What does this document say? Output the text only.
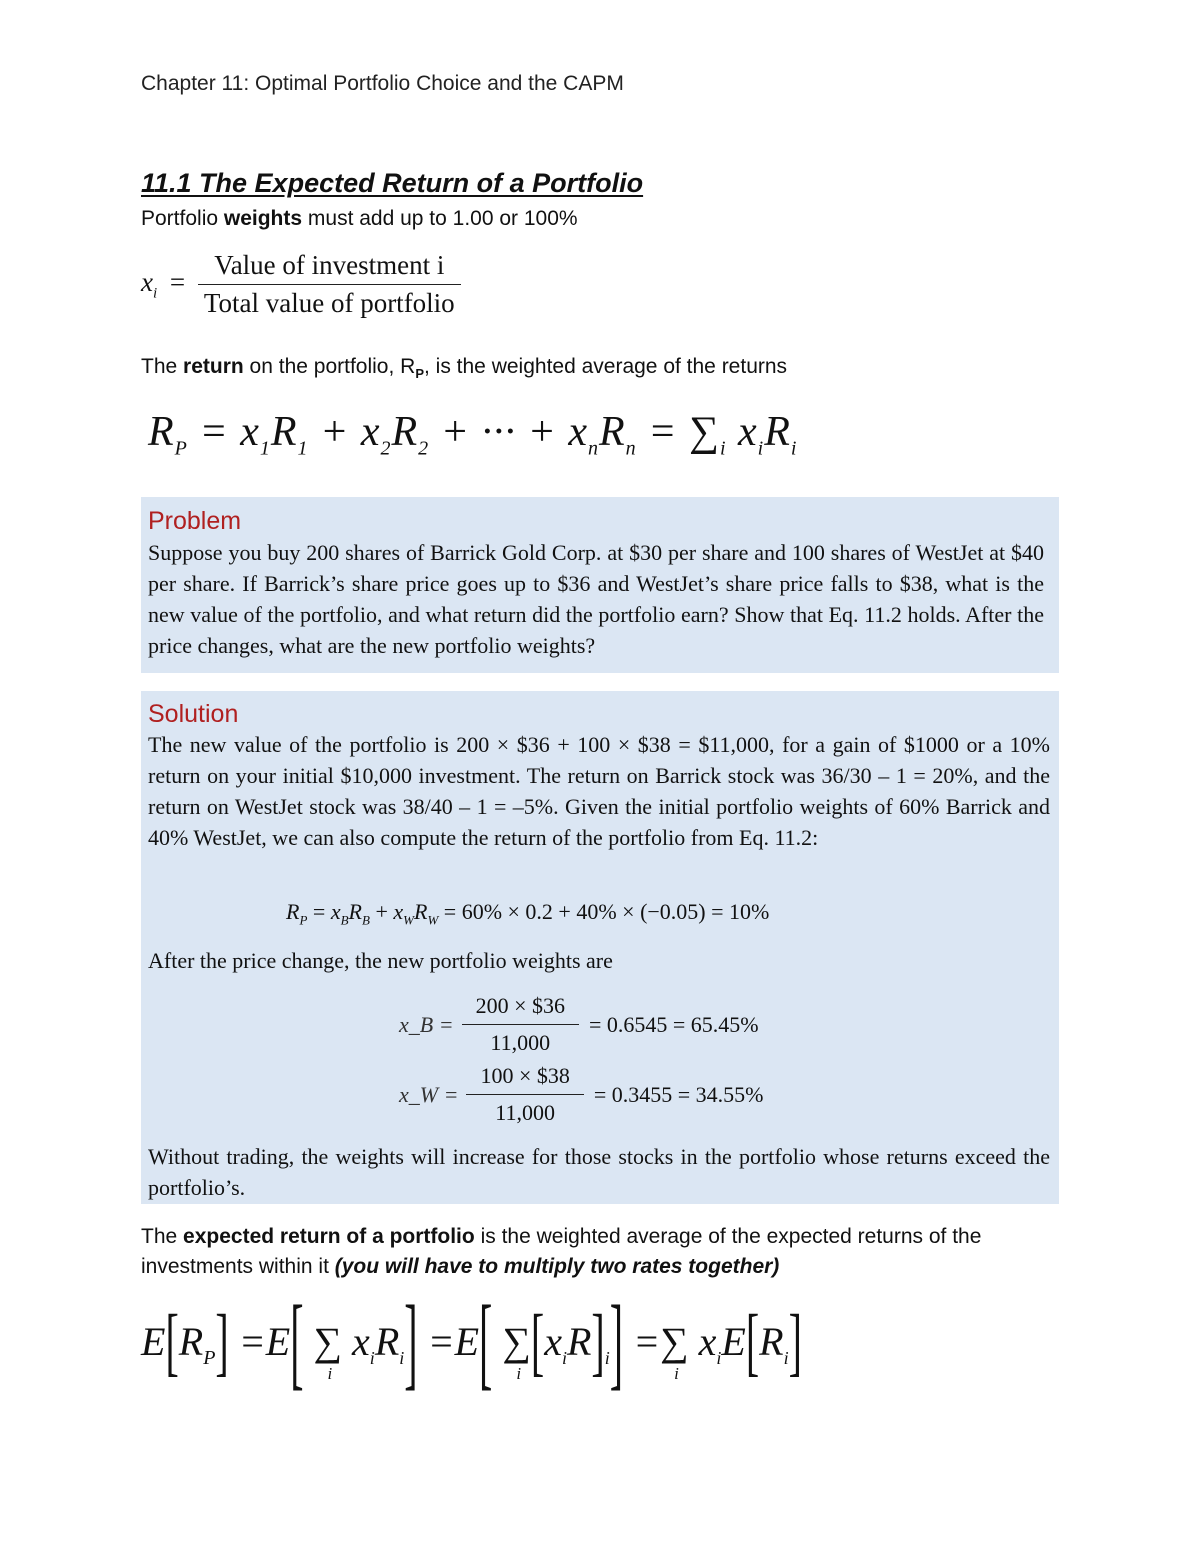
Chapter 11: Optimal Portfolio Choice and the CAPM
11.1 The Expected Return of a Portfolio
Portfolio weights must add up to 1.00 or 100%
$x_i = \frac{\text{Value of investment i}}{\text{Total value of portfolio}}$
The return on the portfolio, $R_P$, is the weighted average of the returns
$R_P = x_1R_1 + x_2R_2$ + ··· + $x_nR_n = \sum_i$ $x_iR_i$
Problem
Suppose you buy 200 shares of Barrick Gold Corp. at $30 per share and 100 shares of WestJet at $40 per share. If Barrick’s share price goes up to $36 and WestJet’s share price falls to $38, what is the new value of the portfolio, and what return did the portfolio earn? Show that Eq. 11.2 holds. After the price changes, what are the new portfolio weights?
Solution
The new value of the portfolio is 200 × $36 + 100 × $38 = $11,000, for a gain of $1000 or a 10% return on your initial $10,000 investment. The return on Barrick stock was 36/30 – 1 = 20%, and the return on WestJet stock was 38/40 – 1 = –5%. Given the initial portfolio weights of 60% Barrick and 40% WestJet, we can also compute the return of the portfolio from Eq. 11.2:
$R_P = x_BR_B + x_WR_W = 60\% \times 0.2 + 40\% \times (-0.05) = 10\%$
After the price change, the new portfolio weights are
x_B = $\frac{200 \times \$36}{11,000} = 0.6545 = 65.45\%$
x_W = $\frac{100 \times \$38}{11,000} = 0.3455 = 34.55\%$
Without trading, the weights will increase for those stocks in the portfolio whose returns exceed the portfolio’s.
The expected return of a portfolio is the weighted average of the expected returns of the investments within it (you will have to multiply two rates together)
$E[R_P] =E$[ ∑
i
$x_iR_i] =E$[ ∑
i $[x_iR]_i$] =∑
i
$x_iE[R_i]$
